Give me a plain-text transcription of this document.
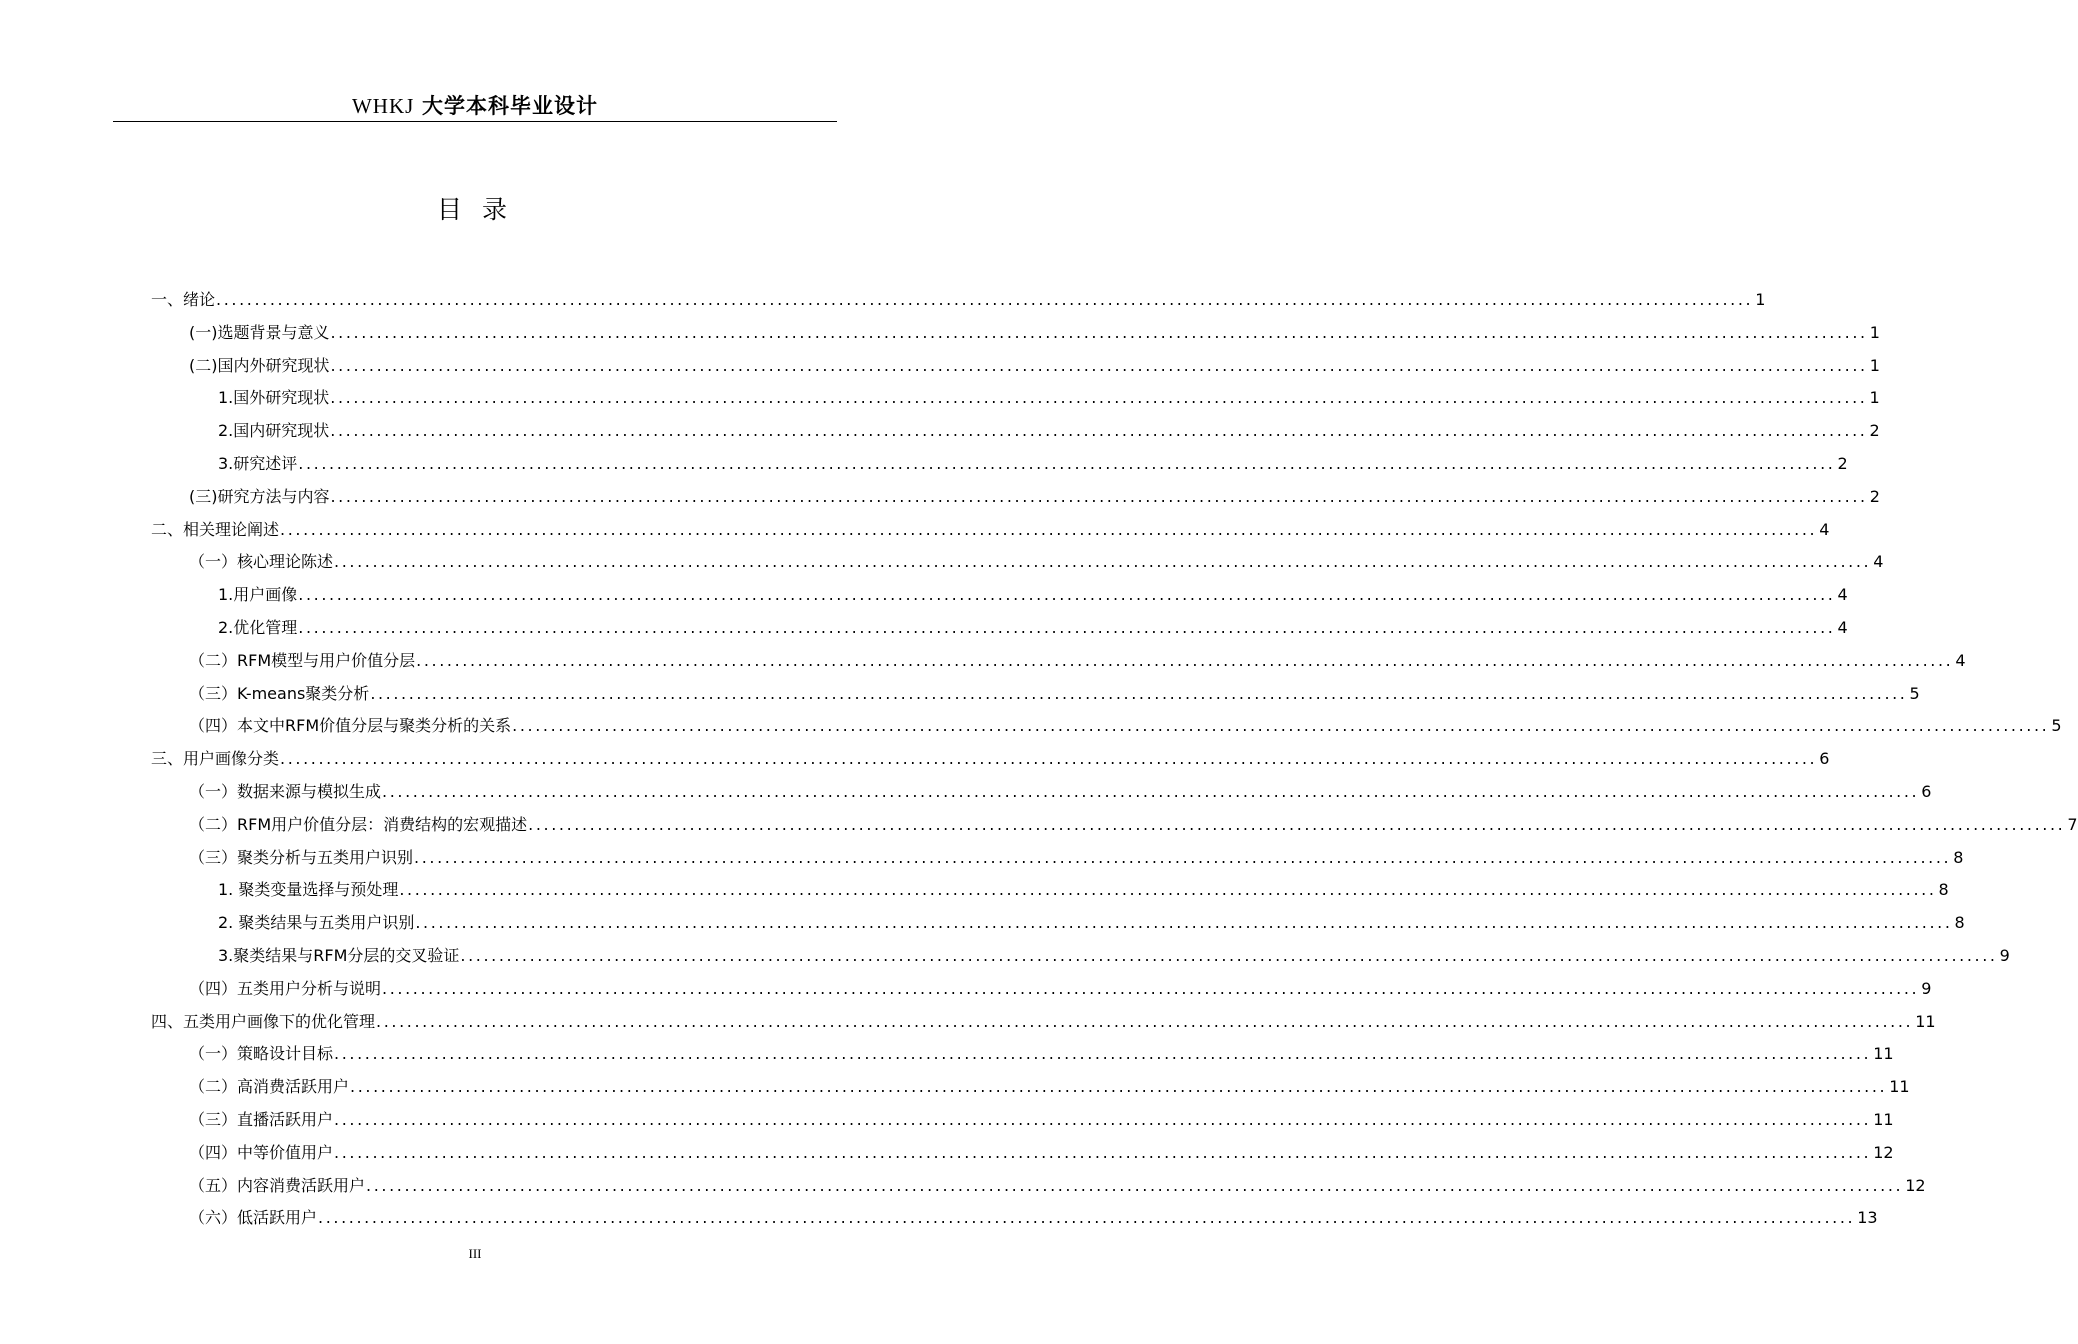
WHKJ 大学本科毕业设计
目 录
一、绪论 ........................................................................................................................................................................................................ 1
(一)选题背景与意义 ........................................................................................................................................................................................................ 1
(二)国内外研究现状 ........................................................................................................................................................................................................ 1
1.国外研究现状 ........................................................................................................................................................................................................ 1
2.国内研究现状 ........................................................................................................................................................................................................ 2
3.研究述评 ........................................................................................................................................................................................................ 2
(三)研究方法与内容 ........................................................................................................................................................................................................ 2
二、相关理论阐述 ........................................................................................................................................................................................................ 4
（一）核心理论陈述 ........................................................................................................................................................................................................ 4
1.用户画像 ........................................................................................................................................................................................................ 4
2.优化管理 ........................................................................................................................................................................................................ 4
（二）RFM模型与用户价值分层 ........................................................................................................................................................................................................ 4
（三）K-means聚类分析 ........................................................................................................................................................................................................ 5
（四）本文中RFM价值分层与聚类分析的关系 ........................................................................................................................................................................................................ 5
三、用户画像分类 ........................................................................................................................................................................................................ 6
（一）数据来源与模拟生成 ........................................................................................................................................................................................................ 6
（二）RFM用户价值分层：消费结构的宏观描述 ........................................................................................................................................................................................................ 7
（三）聚类分析与五类用户识别 ........................................................................................................................................................................................................ 8
1. 聚类变量选择与预处理 ........................................................................................................................................................................................................ 8
2. 聚类结果与五类用户识别 ........................................................................................................................................................................................................ 8
3.聚类结果与RFM分层的交叉验证 ........................................................................................................................................................................................................ 9
（四）五类用户分析与说明 ........................................................................................................................................................................................................ 9
四、五类用户画像下的优化管理 ........................................................................................................................................................................................................ 11
（一）策略设计目标 ........................................................................................................................................................................................................ 11
（二）高消费活跃用户 ........................................................................................................................................................................................................ 11
（三）直播活跃用户 ........................................................................................................................................................................................................ 11
（四）中等价值用户 ........................................................................................................................................................................................................ 12
（五）内容消费活跃用户 ........................................................................................................................................................................................................ 12
（六）低活跃用户 ........................................................................................................................................................................................................ 13
III
